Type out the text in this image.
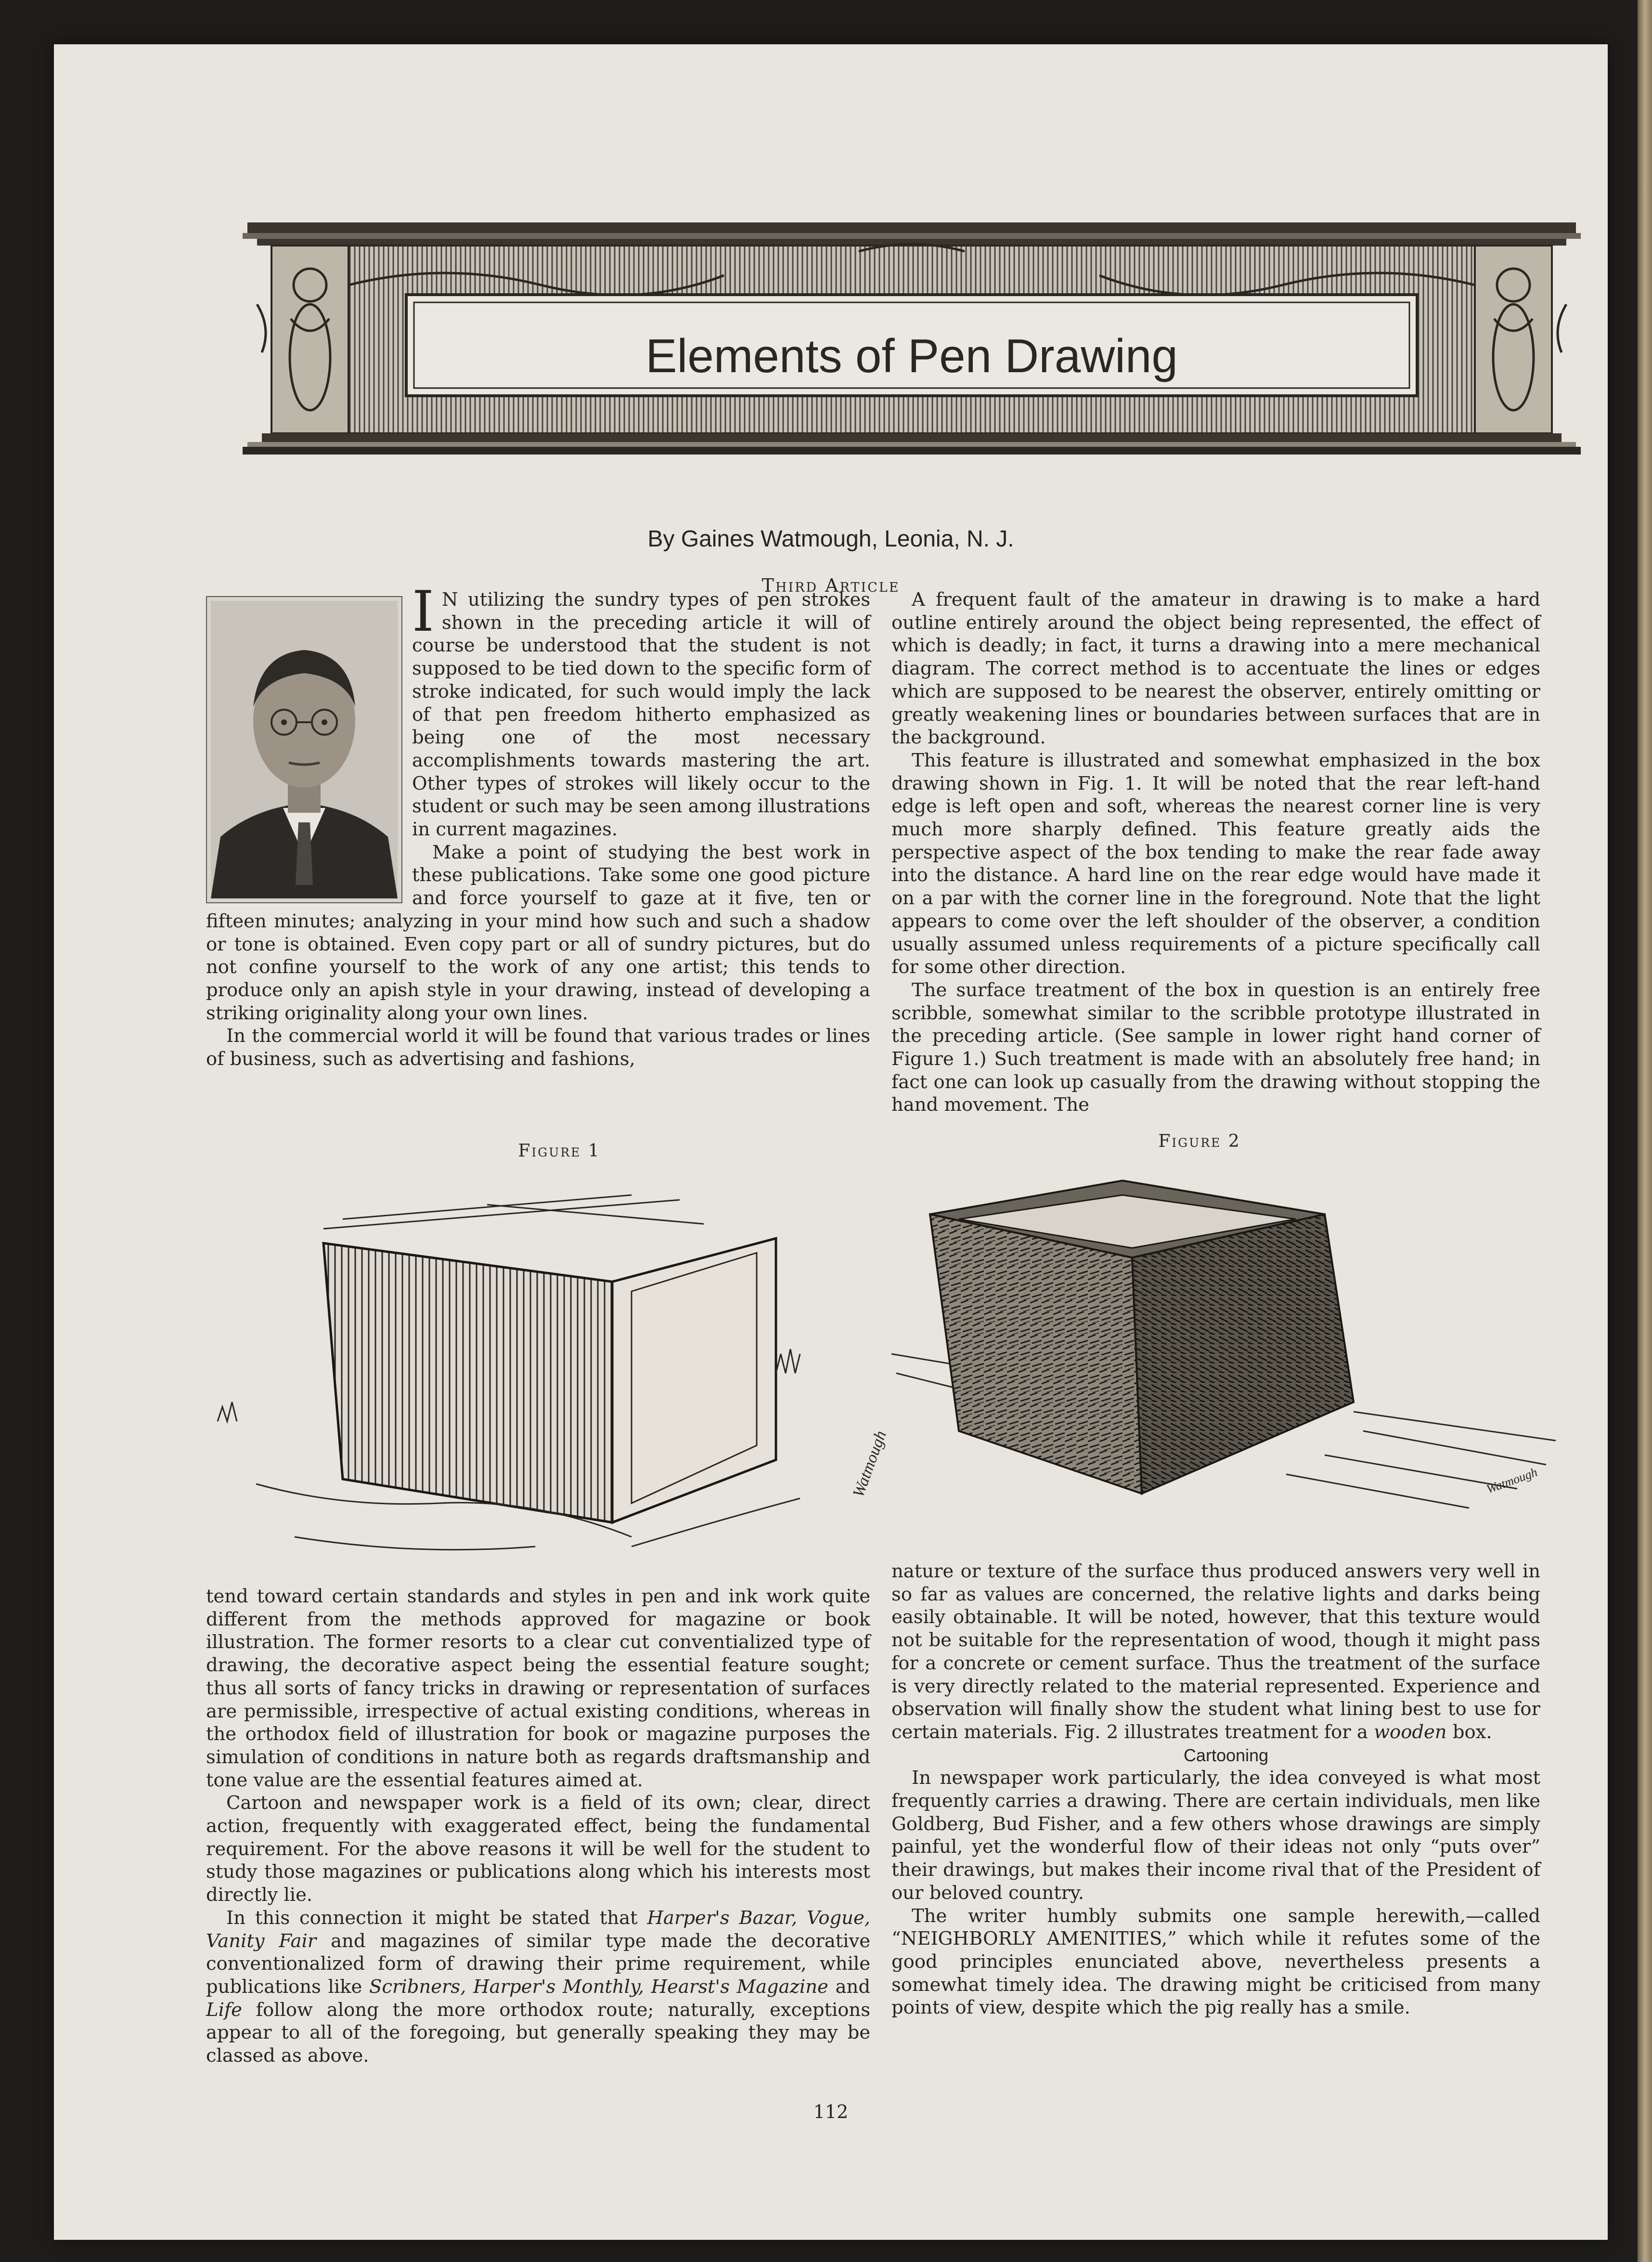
Elements of Pen Drawing
By Gaines Watmough, Leonia, N. J.
Third Article

I N utilizing the sundry types of pen strokes shown in the preceding article it will of course be understood that the student is not supposed to be tied down to the specific form of stroke indicated, for such would imply the lack of that pen freedom hitherto emphasized as being one of the most necessary accomplishments towards mastering the art. Other types of strokes will likely occur to the student or such may be seen among illustrations in current magazines.

Make a point of studying the best work in these publications. Take some one good picture and force yourself to gaze at it five, ten or fifteen minutes; analyzing in your mind how such and such a shadow or tone is obtained. Even copy part or all of sundry pictures, but do not confine yourself to the work of any one artist; this tends to produce only an apish style in your drawing, instead of developing a striking originality along your own lines.

In the commercial world it will be found that various trades or lines of business, such as advertising and fashions,

A frequent fault of the amateur in drawing is to make a hard outline entirely around the object being represented, the effect of which is deadly; in fact, it turns a drawing into a mere mechanical diagram. The correct method is to accentuate the lines or edges which are supposed to be nearest the observer, entirely omitting or greatly weakening lines or boundaries between surfaces that are in the background.

This feature is illustrated and somewhat emphasized in the box drawing shown in Fig. 1. It will be noted that the rear left-hand edge is left open and soft, whereas the nearest corner line is very much more sharply defined. This feature greatly aids the perspective aspect of the box tending to make the rear fade away into the distance. A hard line on the rear edge would have made it on a par with the corner line in the foreground. Note that the light appears to come over the left shoulder of the observer, a condition usually assumed unless requirements of a picture specifically call for some other direction.

The surface treatment of the box in question is an entirely free scribble, somewhat similar to the scribble prototype illustrated in the preceding article. (See sample in lower right hand corner of Figure 1.) Such treatment is made with an absolutely free hand; in fact one can look up casually from the drawing without stopping the hand movement. The

Figure 1
Watmough
Figure 2
Watmough

tend toward certain standards and styles in pen and ink work quite different from the methods approved for magazine or book illustration. The former resorts to a clear cut conventialized type of drawing, the decorative aspect being the essential feature sought; thus all sorts of fancy tricks in drawing or representation of surfaces are permissible, irrespective of actual existing conditions, whereas in the orthodox field of illustration for book or magazine purposes the simulation of conditions in nature both as regards draftsmanship and tone value are the essential features aimed at.

Cartoon and newspaper work is a field of its own; clear, direct action, frequently with exaggerated effect, being the fundamental requirement. For the above reasons it will be well for the student to study those magazines or publications along which his interests most directly lie.

In this connection it might be stated that Harper's Bazar, Vogue, Vanity Fair and magazines of similar type made the decorative conventionalized form of drawing their prime requirement, while publications like Scribners, Harper's Monthly, Hearst's Magazine and Life follow along the more orthodox route; naturally, exceptions appear to all of the foregoing, but generally speaking they may be classed as above.

nature or texture of the surface thus produced answers very well in so far as values are concerned, the relative lights and darks being easily obtainable. It will be noted, however, that this texture would not be suitable for the representation of wood, though it might pass for a concrete or cement surface. Thus the treatment of the surface is very directly related to the material represented. Experience and observation will finally show the student what lining best to use for certain materials. Fig. 2 illustrates treatment for a wooden box.

Cartooning

In newspaper work particularly, the idea conveyed is what most frequently carries a drawing. There are certain individuals, men like Goldberg, Bud Fisher, and a few others whose drawings are simply painful, yet the wonderful flow of their ideas not only “puts over” their drawings, but makes their income rival that of the President of our beloved country.

The writer humbly submits one sample herewith,—called “NEIGHBORLY AMENITIES,” which while it refutes some of the good principles enunciated above, nevertheless presents a somewhat timely idea. The drawing might be criticised from many points of view, despite which the pig really has a smile.

112
